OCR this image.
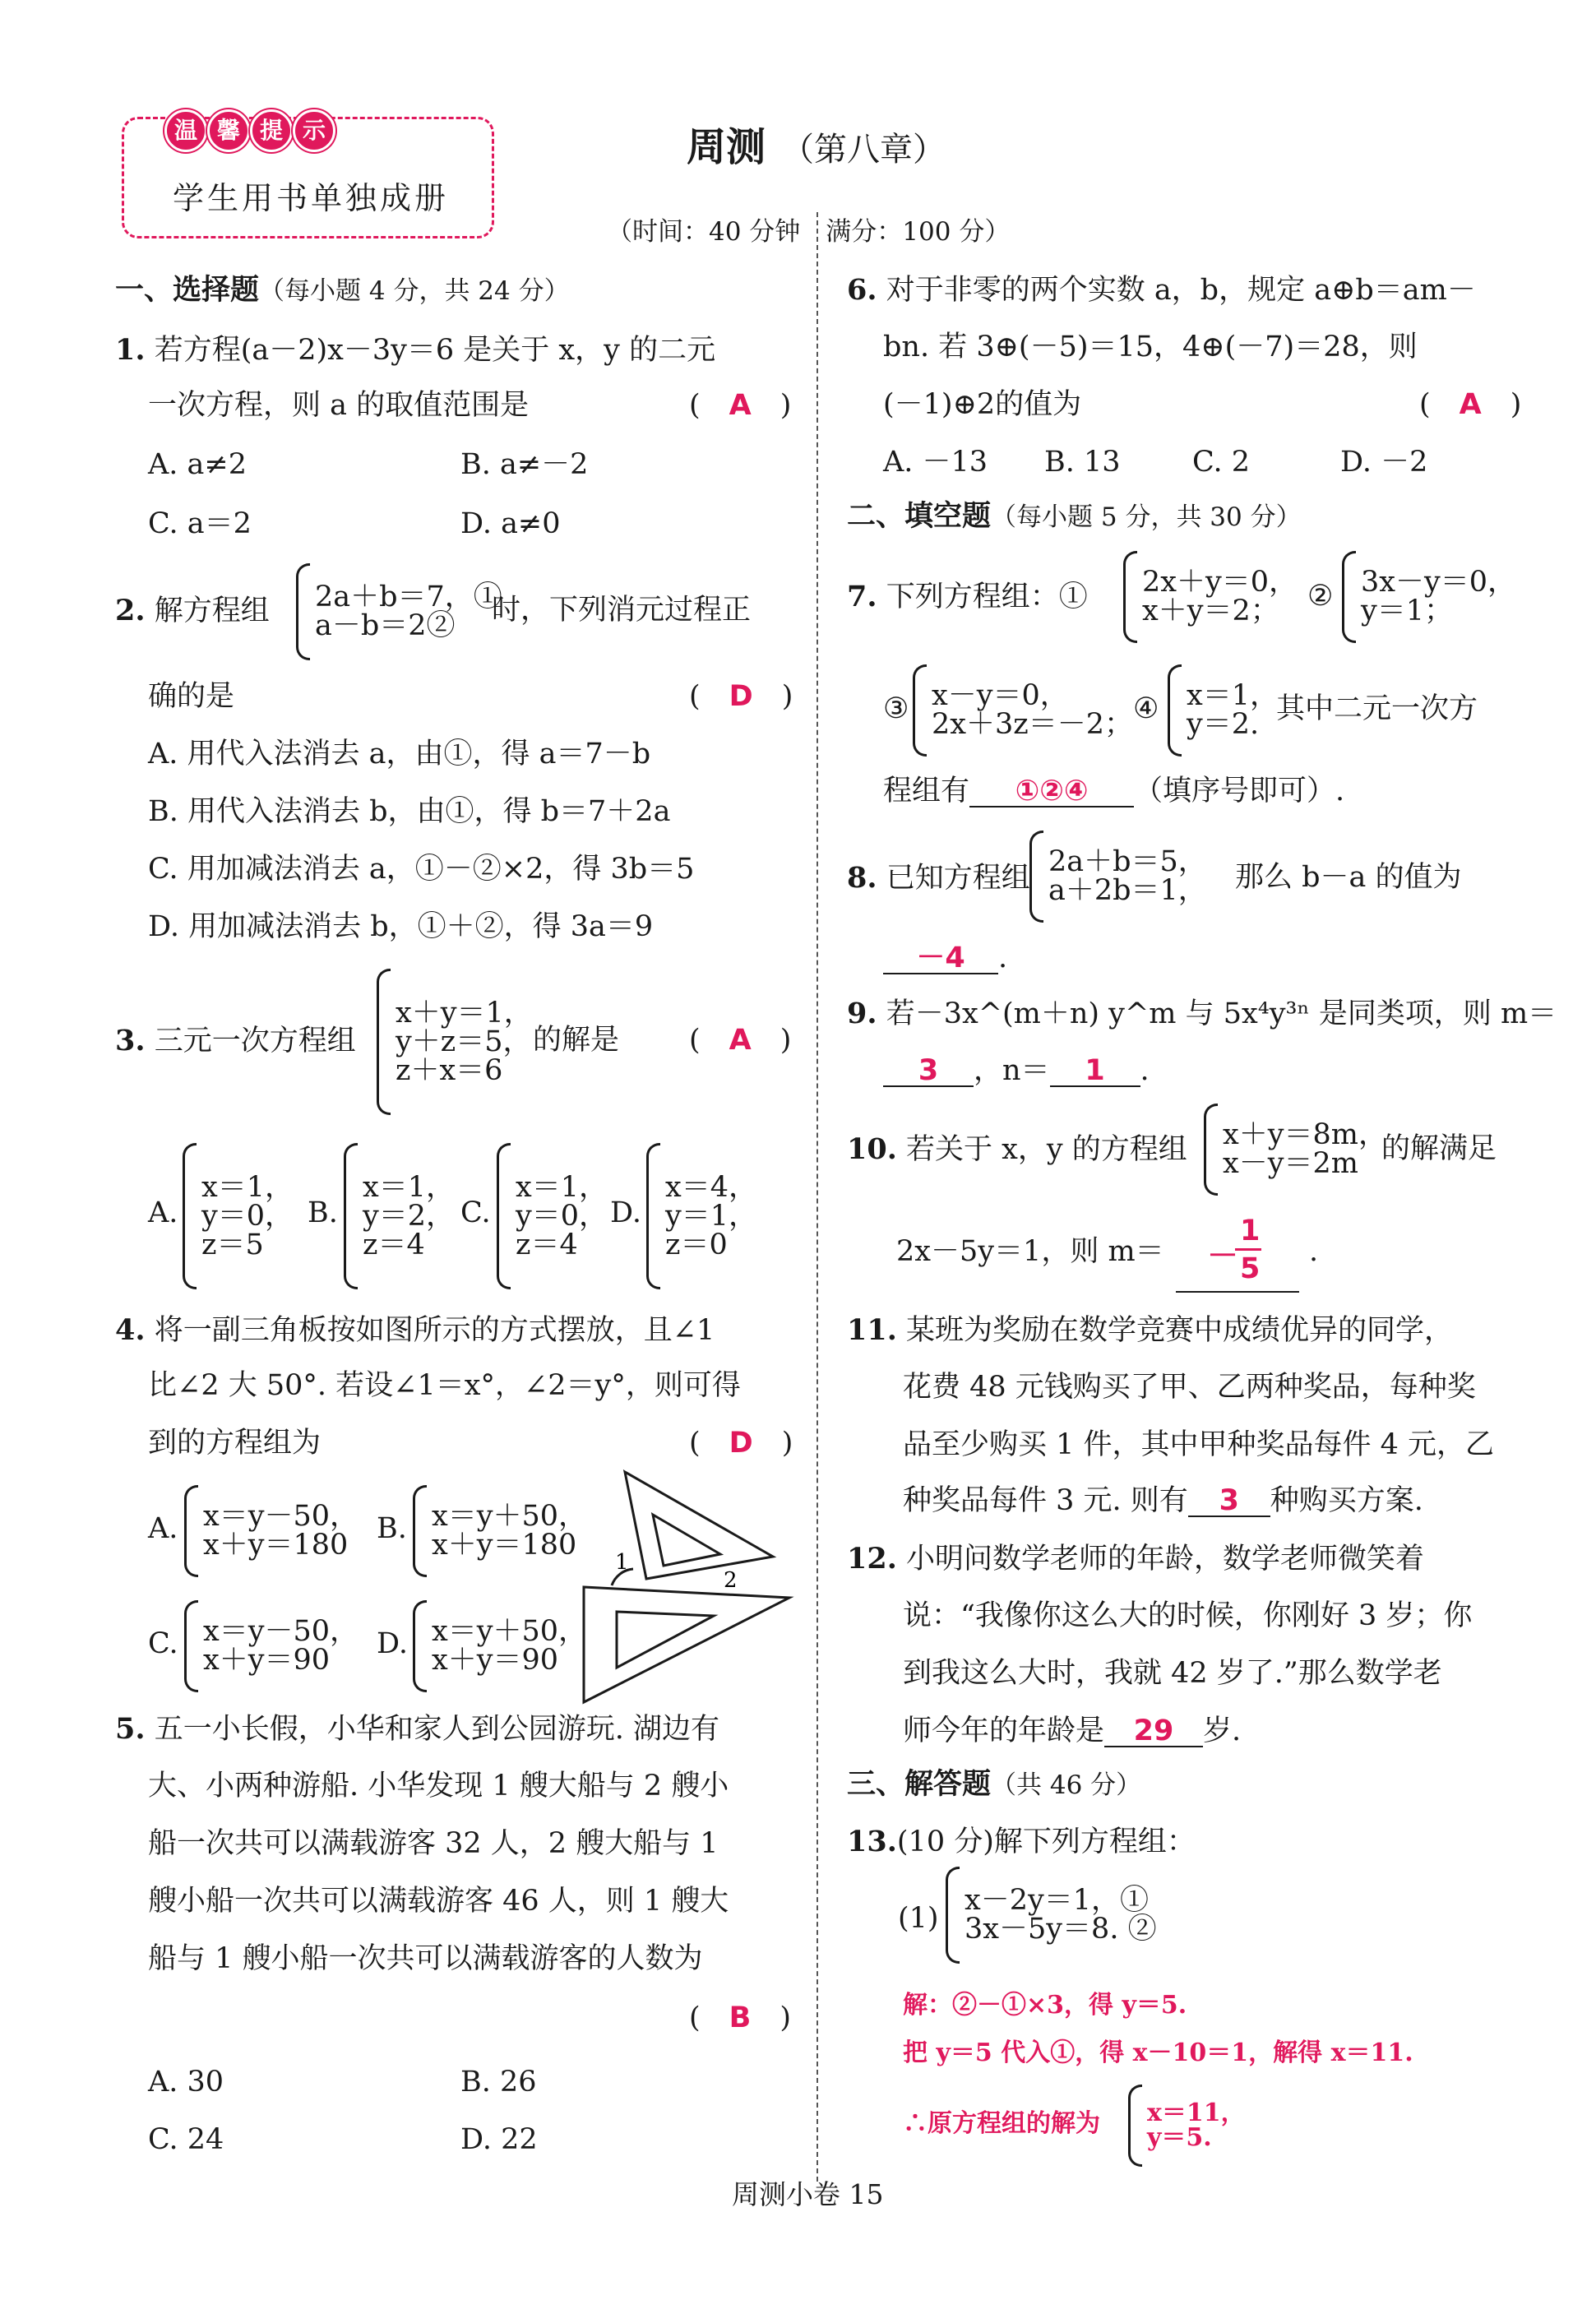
温 馨 提 示
学生用书单独成册
周测 （第八章）
（时间：40 分钟　满分：100 分）
一、选择题（每小题 4 分，共 24 分）
1. 若方程(a－2)x－3y＝6 是关于 x，y 的二元
一次方程，则 a 的取值范围是	(　A　)
A. a≠2	B. a≠－2
C. a＝2	D. a≠0
2. 解方程组 2a＋b＝7，①
a－b＝2②	时，下列消元过程正
确的是	(　D　)
A. 用代入法消去 a，由①，得 a＝7－b
B. 用代入法消去 b，由①，得 b＝7＋2a
C. 用加减法消去 a，①－②×2，得 3b＝5
D. 用加减法消去 b，①＋②，得 3a＝9
3. 三元一次方程组
x＋y＝1，
y＋z＝5，
z＋x＝6
的解是 (　A　)
A.
x＝1，
y＝0，
z＝5
B.
x＝1，
y＝2，
z＝4
C.
x＝1，
y＝0，
z＝4
D.
x＝4，
y＝1，
z＝0
4. 将一副三角板按如图所示的方式摆放，且∠1
比∠2 大 50°. 若设∠1＝x°，∠2＝y°，则可得
到的方程组为	(　D　)
A. x＝y－50，
x＋y＝180 B. x＝y＋50，
x＋y＝180
C. x＝y－50，
x＋y＝90	D. x＝y＋50，
x＋y＝90
1
2
5. 五一小长假，小华和家人到公园游玩. 湖边有
大、小两种游船. 小华发现 1 艘大船与 2 艘小
船一次共可以满载游客 32 人，2 艘大船与 1
艘小船一次共可以满载游客 46 人，则 1 艘大
船与 1 艘小船一次共可以满载游客的人数为
(　B　)
A. 30	B. 26
C. 24	D. 22
6. 对于非零的两个实数 a，b，规定 a⊕b＝am－
bn. 若 3⊕(－5)＝15，4⊕(－7)＝28，则
(－1)⊕2的值为	(　A　)
A. －13 B. 13 C. 2	D. －2
二、填空题（每小题 5 分，共 30 分）
7. 下列方程组：① 2x＋y＝0，
x＋y＝2； ② 3x－y＝0，
y＝1；
③ x－y＝0，
2x＋3z＝－2； ④ x＝1，
y＝2. 其中二元一次方
程组有 ①②④ （填序号即可）.
8. 已知方程组 2a＋b＝5，
a＋2b＝1， 那么 b－a 的值为
－4 .
9. 若－3x^(m＋n) y^m 与 5x⁴y³ⁿ 是同类项，则 m＝
3 ，n＝ 1 .
10. 若关于 x，y 的方程组 x＋y＝8m，
x－y＝2m 的解满足
2x－5y＝1，则 m＝ －
1
5
.
11. 某班为奖励在数学竞赛中成绩优异的同学，
花费 48 元钱购买了甲、乙两种奖品，每种奖
品至少购买 1 件，其中甲种奖品每件 4 元，乙
种奖品每件 3 元. 则有 3 种购买方案.
12. 小明问数学老师的年龄，数学老师微笑着
说：“我像你这么大的时候，你刚好 3 岁；你
到我这么大时，我就 42 岁了.”那么数学老
师今年的年龄是 29 岁.
三、解答题（共 46 分）
13.(10 分)解下列方程组：
(1)
x－2y＝1，①
3x－5y＝8. ②
解：②－①×3，得 y＝5.
把 y＝5 代入①，得 x－10＝1，解得 x＝11.
∴原方程组的解为 x＝11，
y＝5.
周测小卷 15
